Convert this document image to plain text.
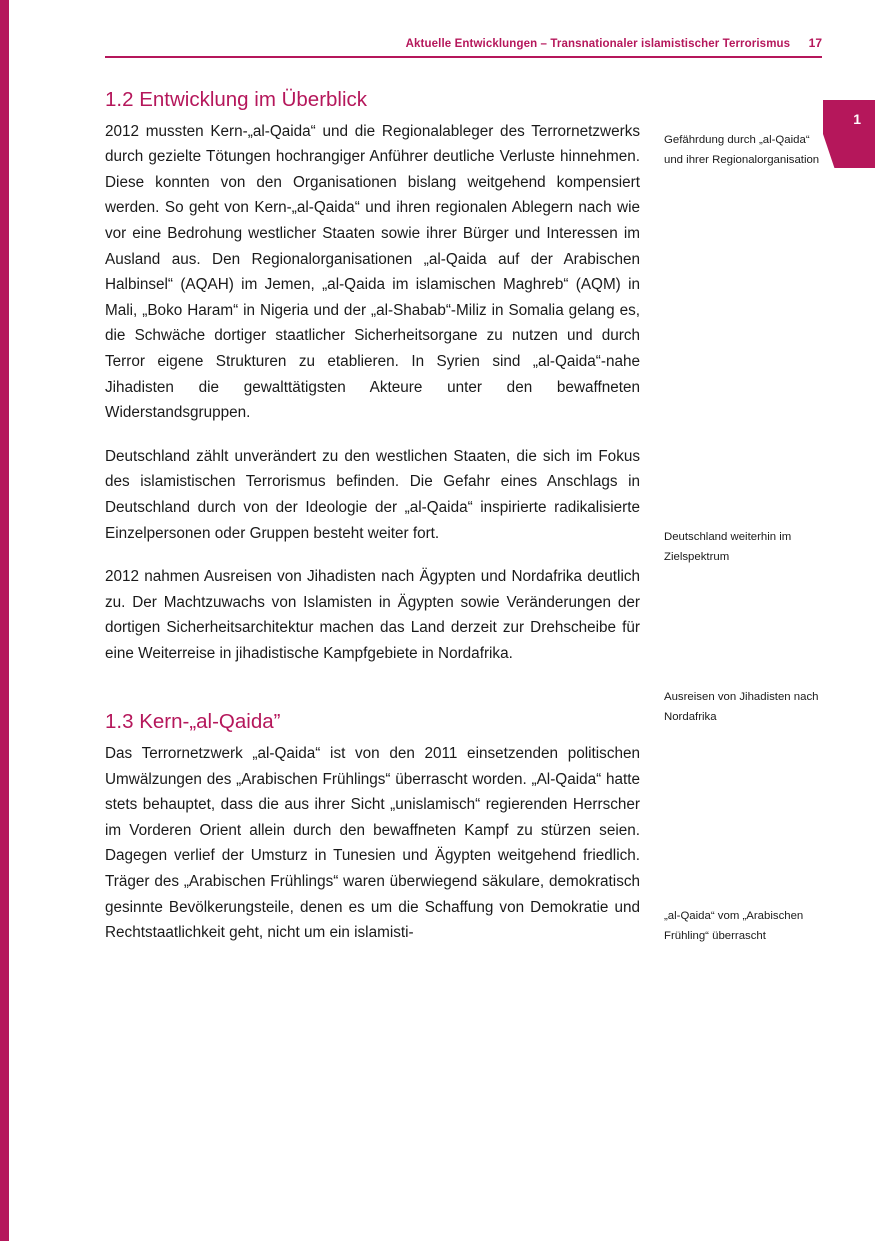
Aktuelle Entwicklungen – Transnationaler islamistischer Terrorismus 17
1
1.2 Entwicklung im Überblick

2012 mussten Kern-„al-Qaida“ und die Regionalableger des Terrornetzwerks durch gezielte Tötungen hochrangiger Anführer deutliche Verluste hinnehmen. Diese konnten von den Organisationen bislang weitgehend kompensiert werden. So geht von Kern-„al-Qaida“ und ihren regionalen Ablegern nach wie vor eine Bedrohung westlicher Staaten sowie ihrer Bürger und Interessen im Ausland aus. Den Regionalorganisationen „al-Qaida auf der Arabischen Halbinsel“ (AQAH) im Jemen, „al-Qaida im islamischen Maghreb“ (AQM) in Mali, „Boko Haram“ in Nigeria und der „al-Shabab“-Miliz in Somalia gelang es, die Schwäche dortiger staatlicher Sicherheitsorgane zu nutzen und durch Terror eigene Strukturen zu etablieren. In Syrien sind „al-Qaida“-nahe Jihadisten die gewalttätigsten Akteure unter den bewaffneten Widerstandsgruppen.

Deutschland zählt unverändert zu den westlichen Staaten, die sich im Fokus des islamistischen Terrorismus befinden. Die Gefahr eines Anschlags in Deutschland durch von der Ideologie der „al-Qaida“ inspirierte radikalisierte Einzelpersonen oder Gruppen besteht weiter fort.

2012 nahmen Ausreisen von Jihadisten nach Ägypten und Nordafrika deutlich zu. Der Machtzuwachs von Islamisten in Ägypten sowie Veränderungen der dortigen Sicherheitsarchitektur machen das Land derzeit zur Drehscheibe für eine Weiterreise in jihadistische Kampfgebiete in Nordafrika.

1.3 Kern-„al-Qaida”

Das Terrornetzwerk „al-Qaida“ ist von den 2011 einsetzenden politischen Umwälzungen des „Arabischen Frühlings“ überrascht worden. „Al-Qaida“ hatte stets behauptet, dass die aus ihrer Sicht „unislamisch“ regierenden Herrscher im Vorderen Orient allein durch den bewaffneten Kampf zu stürzen seien. Dagegen verlief der Umsturz in Tunesien und Ägypten weitgehend friedlich. Träger des „Arabischen Frühlings“ waren überwiegend säkulare, demokratisch gesinnte Bevölkerungsteile, denen es um die Schaffung von Demokratie und Rechtstaatlichkeit geht, nicht um ein islamisti-

Gefährdung durch „al-Qaida“ und ihrer Regionalorganisation
Deutschland weiterhin im Zielspektrum
Ausreisen von Jihadisten nach Nordafrika
„al-Qaida“ vom „Arabischen Frühling“ überrascht
